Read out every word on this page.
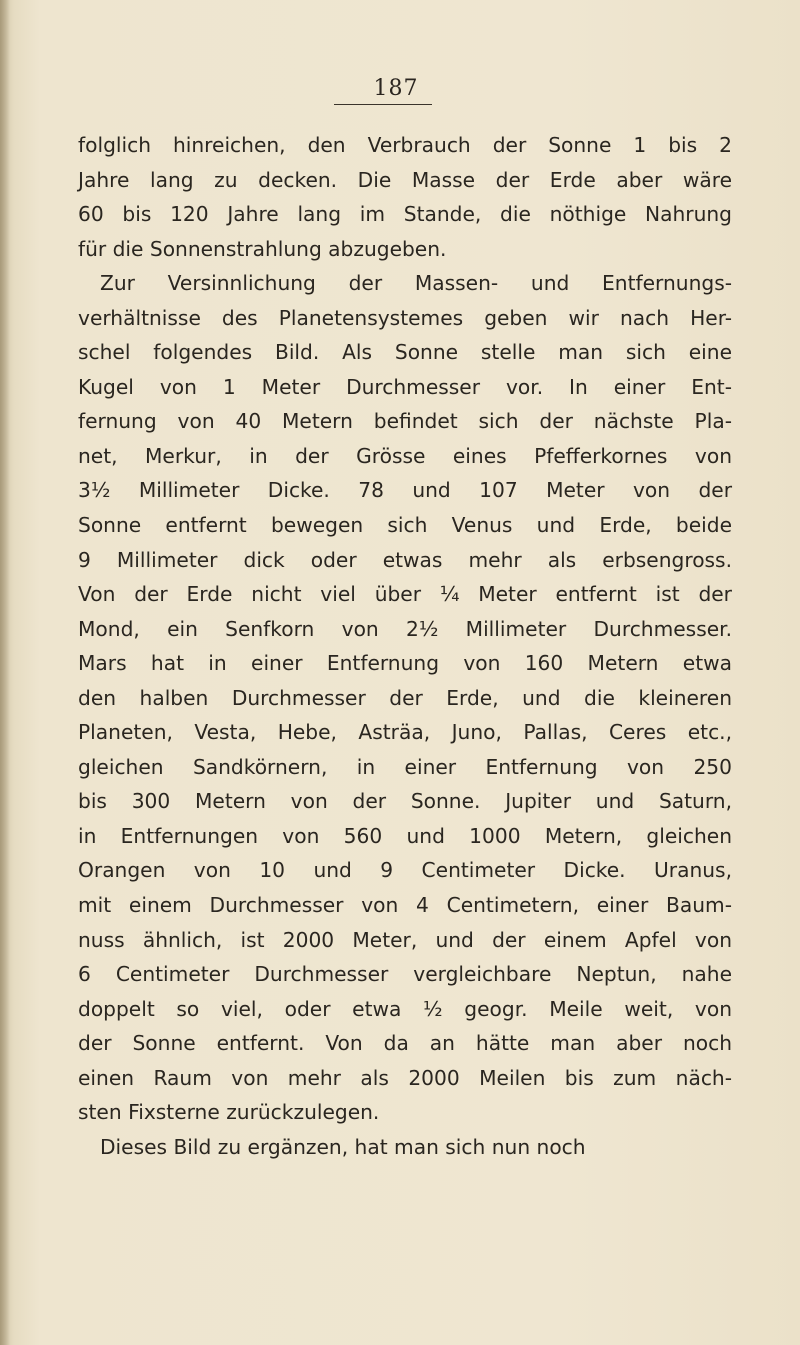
187
folglich hinreichen, den Verbrauch der Sonne 1 bis 2
Jahre lang zu decken. Die Masse der Erde aber wäre
60 bis 120 Jahre lang im Stande, die nöthige Nahrung
für die Sonnenstrahlung abzugeben.
Zur Versinnlichung der Massen- und Entfernungs-
verhältnisse des Planetensystemes geben wir nach Her-
schel folgendes Bild. Als Sonne stelle man sich eine
Kugel von 1 Meter Durchmesser vor. In einer Ent-
fernung von 40 Metern befindet sich der nächste Pla-
net, Merkur, in der Grösse eines Pfefferkornes von
3½ Millimeter Dicke. 78 und 107 Meter von der
Sonne entfernt bewegen sich Venus und Erde, beide
9 Millimeter dick oder etwas mehr als erbsengross.
Von der Erde nicht viel über ¼ Meter entfernt ist der
Mond, ein Senfkorn von 2½ Millimeter Durchmesser.
Mars hat in einer Entfernung von 160 Metern etwa
den halben Durchmesser der Erde, und die kleineren
Planeten, Vesta, Hebe, Asträa, Juno, Pallas, Ceres etc.,
gleichen Sandkörnern, in einer Entfernung von 250
bis 300 Metern von der Sonne. Jupiter und Saturn,
in Entfernungen von 560 und 1000 Metern, gleichen
Orangen von 10 und 9 Centimeter Dicke. Uranus,
mit einem Durchmesser von 4 Centimetern, einer Baum-
nuss ähnlich, ist 2000 Meter, und der einem Apfel von
6 Centimeter Durchmesser vergleichbare Neptun, nahe
doppelt so viel, oder etwa ½ geogr. Meile weit, von
der Sonne entfernt. Von da an hätte man aber noch
einen Raum von mehr als 2000 Meilen bis zum näch-
sten Fixsterne zurückzulegen.
Dieses Bild zu ergänzen, hat man sich nun noch
